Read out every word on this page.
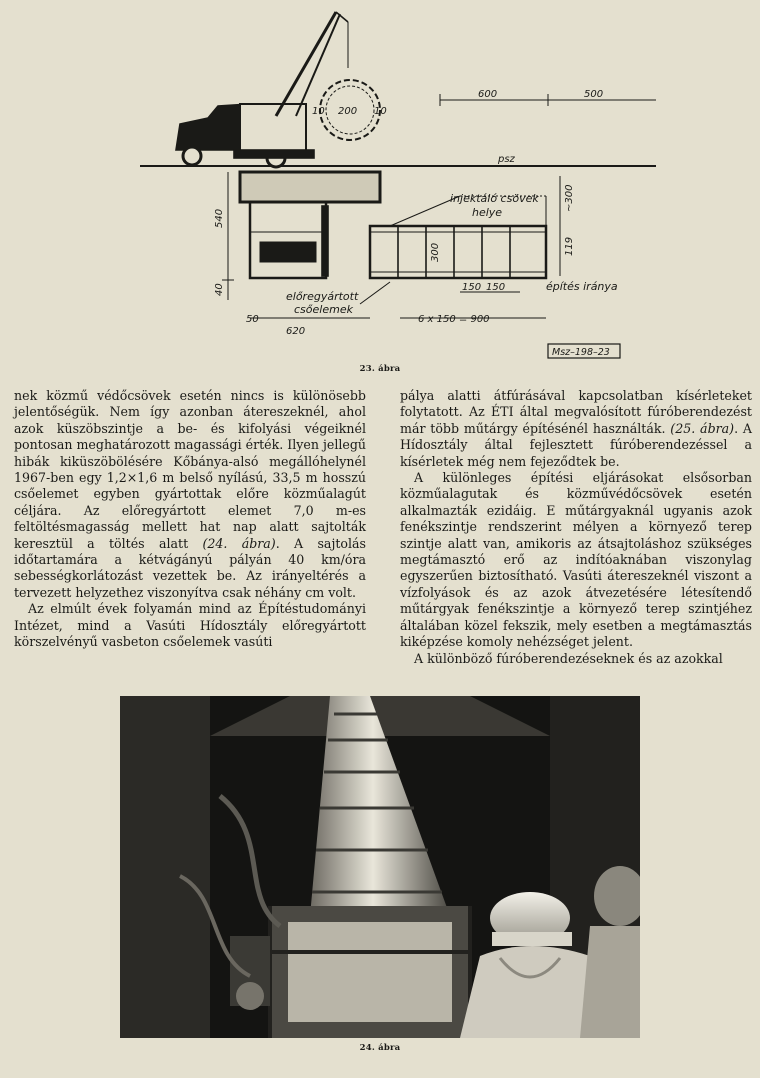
600	500
10 200 10
psz
injektáló csövek
helye
~300
119
300
540
40	150 150	építés iránya
előregyártott
csőelemek
50
620
6 x 150 = 900
Msz–198–23
23. ábra

nek közmű védőcsövek esetén nincs is különösebb jelentőségük. Nem így azonban átereszeknél, ahol azok küszöbszintje a be- és kifolyási végeiknél pontosan meghatározott magassági érték. Ilyen jellegű hibák kiküszöbölésére Kőbánya-alsó megállóhelynél 1967-ben egy 1,2×1,6 m belső nyílású, 33,5 m hosszú csőelemet egyben gyártottak előre közműalagút céljára. Az előregyártott elemet 7,0 m-es feltöltésmagasság mellett hat nap alatt sajtolták keresztül a töltés alatt (24. ábra). A sajtolás időtartamára a kétvágányú pályán 40 km/óra sebességkorlátozást vezettek be. Az irányeltérés a tervezett helyzethez viszonyítva csak néhány cm volt.

Az elmúlt évek folyamán mind az Építéstudományi Intézet, mind a Vasúti Hídosztály előregyártott körszelvényű vasbeton csőelemek vasúti

pálya alatti átfúrásával kapcsolatban kísérleteket folytatott. Az ÉTI által megvalósított fúróberendezést már több műtárgy építésénél használták. (25. ábra). A Hídosztály által fejlesztett fúróberendezéssel a kísérletek még nem fejeződtek be.

A különleges építési eljárásokat elsősorban közműalagutak és közművédőcsövek esetén alkalmazták ezidáig. E műtárgyaknál ugyanis azok fenékszintje rendszerint mélyen a környező terep szintje alatt van, amikoris az átsajtoláshoz szükséges megtámasztó erő az indítóaknában viszonylag egyszerűen biztosítható. Vasúti átereszeknél viszont a vízfolyások és az azok átvezetésére létesítendő műtárgyak fenékszintje a környező terep szintjéhez általában közel fekszik, mely esetben a megtámasztás kiképzése komoly nehézséget jelent.

A különböző fúróberendezéseknek és az azokkal

24. ábra
